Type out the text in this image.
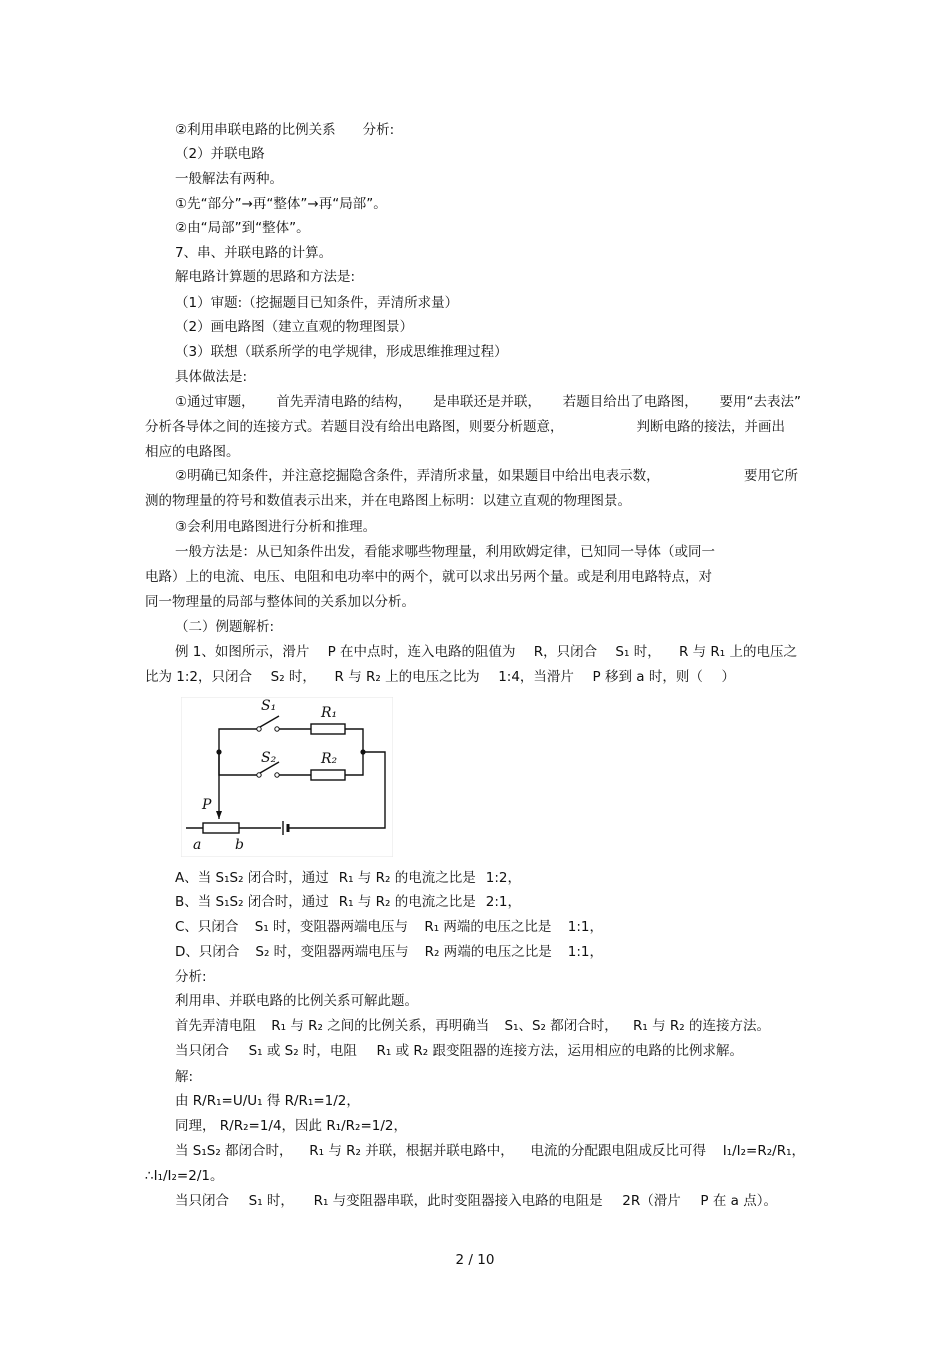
②利用串联电路的比例关系　　分析:
（2）并联电路
一般解法有两种。
①先“部分”→再“整体”→再“局部”。
②由“局部”到“整体”。
7、串、并联电路的计算。
解电路计算题的思路和方法是:
（1）审题:（挖掘题目已知条件，弄清所求量）
（2）画电路图（建立直观的物理图景）
（3）联想（联系所学的电学规律，形成思维推理过程）
具体做法是:
①通过审题， 首先弄清电路的结构， 是串联还是并联， 若题目给出了电路图， 要用“去表法”
分析各导体之间的连接方式。若题目没有给出电路图，则要分析题意，	判断电路的接法，并画出
相应的电路图。
②明确已知条件，并注意挖掘隐含条件，弄清所求量，如果题目中给出电表示数，	要用它所
测的物理量的符号和数值表示出来，并在电路图上标明：以建立直观的物理图景。
③会利用电路图进行分析和推理。
一般方法是：从已知条件出发，看能求哪些物理量，利用欧姆定律，已知同一导体（或同一
电路）上的电流、电压、电阻和电功率中的两个，就可以求出另两个量。或是利用电路特点，对
同一物理量的局部与整体间的关系加以分析。
（二）例题解析:
例 1、如图所示，滑片 P 在中点时，连入电路的阻值为 R，只闭合 S₁ 时， R 与 R₁ 上的电压之
比为 1:2，只闭合 S₂ 时， R 与 R₂ 上的电压之比为 1:4，当滑片 P 移到 a 时，则（ ）
S₁	R₁
S₂	R₂
P
a b
A、当 S₁S₂ 闭合时，通过 R₁ 与 R₂ 的电流之比是 1:2，
B、当 S₁S₂ 闭合时，通过 R₁ 与 R₂ 的电流之比是 2:1，
C、只闭合 S₁ 时，变阻器两端电压与 R₁ 两端的电压之比是 1:1，
D、只闭合 S₂ 时，变阻器两端电压与 R₂ 两端的电压之比是 1:1，
分析:
利用串、并联电路的比例关系可解此题。
首先弄清电阻 R₁ 与 R₂ 之间的比例关系，再明确当 S₁、S₂ 都闭合时， R₁ 与 R₂ 的连接方法。
当只闭合 S₁ 或 S₂ 时，电阻 R₁ 或 R₂ 跟变阻器的连接方法，运用相应的电路的比例求解。
解:
由 R/R₁=U/U₁ 得 R/R₁=1/2，
同理， R/R₂=1/4，因此 R₁/R₂=1/2，
当 S₁S₂ 都闭合时， R₁ 与 R₂ 并联，根据并联电路中， 电流的分配跟电阻成反比可得 I₁/I₂=R₂/R₁，
∴I₁/I₂=2/1。
当只闭合 S₁ 时， R₁ 与变阻器串联，此时变阻器接入电路的电阻是 2R（滑片 P 在 a 点）。
2 / 10
